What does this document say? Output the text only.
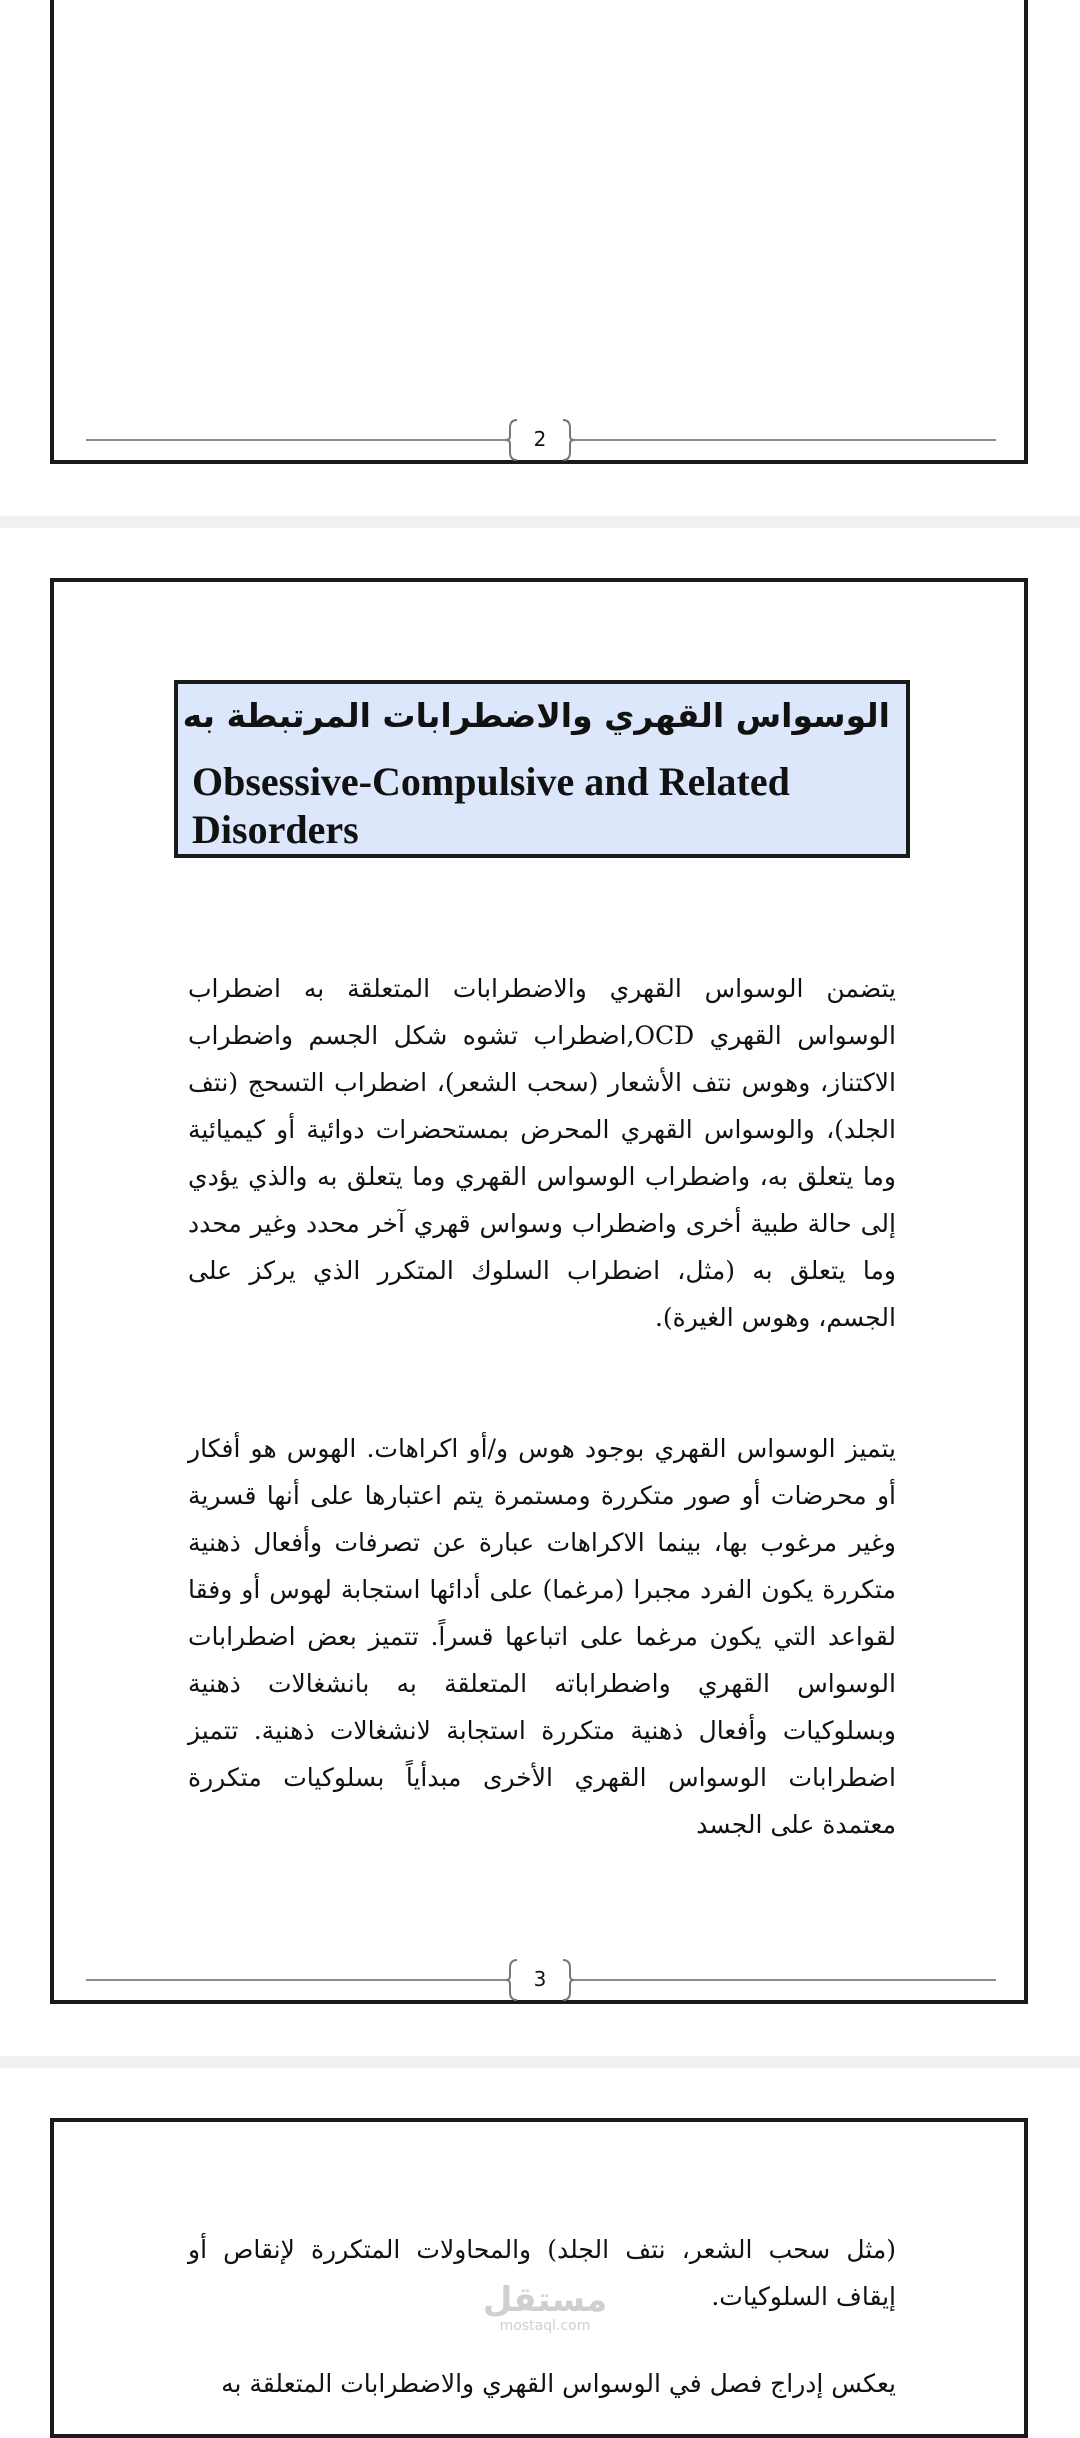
2
الوسواس القهري والاضطرابات المرتبطة به
Obsessive-Compulsive and Related Disorders
يتضمن الوسواس القهري والاضطرابات المتعلقة به اضطراب الوسواس القهري OCD,اضطراب تشوه شكل الجسم واضطراب الاكتناز، وهوس نتف الأشعار (سحب الشعر)، اضطراب التسحج (نتف الجلد)، والوسواس القهري المحرض بمستحضرات دوائية أو كيميائية وما يتعلق به، واضطراب الوسواس القهري وما يتعلق به والذي يؤدي إلى حالة طبية أخرى واضطراب وسواس قهري آخر محدد وغير محدد وما يتعلق به (مثل، اضطراب السلوك المتكرر الذي يركز على الجسم، وهوس الغيرة).
يتميز الوسواس القهري بوجود هوس و/أو اكراهات. الهوس هو أفكار أو محرضات أو صور متكررة ومستمرة يتم اعتبارها على أنها قسرية وغير مرغوب بها، بينما الاكراهات عبارة عن تصرفات وأفعال ذهنية متكررة يكون الفرد مجبرا (مرغما) على أدائها استجابة لهوس أو وفقا لقواعد التي يكون مرغما على اتباعها قسراً. تتميز بعض اضطرابات الوسواس القهري واضطراباته المتعلقة به بانشغالات ذهنية وبسلوكيات وأفعال ذهنية متكررة استجابة لانشغالات ذهنية. تتميز اضطرابات الوسواس القهري الأخرى مبدأياً بسلوكيات متكررة معتمدة على الجسد
3
(مثل سحب الشعر، نتف الجلد) والمحاولات المتكررة لإنقاص أو إيقاف السلوكيات.
يعكس إدراج فصل في الوسواس القهري والاضطرابات المتعلقة به
مستقل
mostaql.com
